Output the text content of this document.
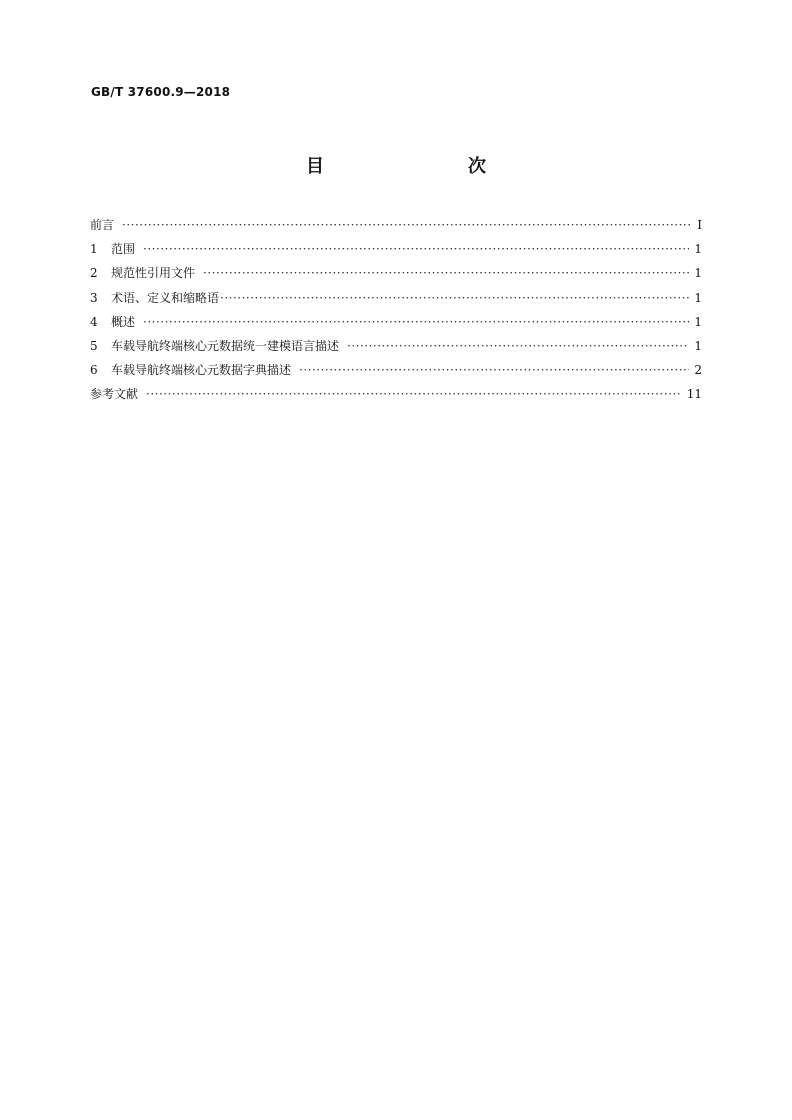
GB/T 37600.9—2018
目　　次
前言 ·····	I
1	范围 ·····	1
2	规范性引用文件 ·····	1
3	术语、定义和缩略语 ·····	1
4	概述 ·····	1
5	车载导航终端核心元数据统一建模语言描述 ·····	1
6	车载导航终端核心元数据字典描述 ·····	2
参考文献 ·····	11
